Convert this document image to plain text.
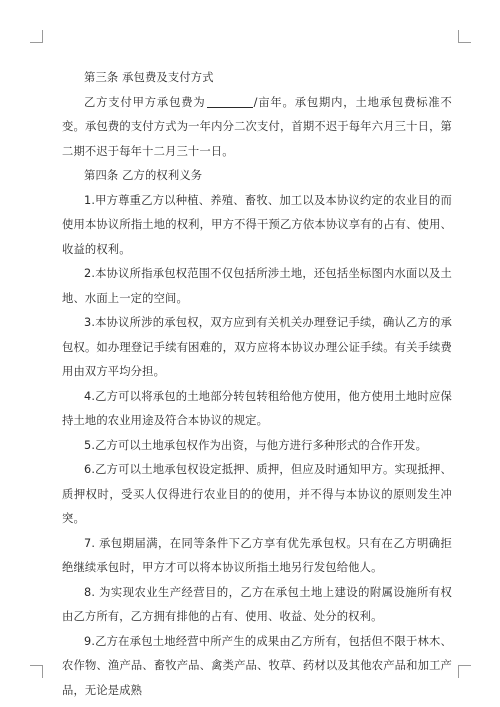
第三条 承包费及支付方式

乙方支付甲方承包费为	/亩年。承包期内，土地承包费标准不变。承包费的支付方式为一年内分二次支付，首期不迟于每年六月三十日，第二期不迟于每年十二月三十一日。

第四条 乙方的权利义务

1.甲方尊重乙方以种植、养殖、畜牧、加工以及本协议约定的农业目的而使用本协议所指土地的权利，甲方不得干预乙方依本协议享有的占有、使用、收益的权利。

2.本协议所指承包权范围不仅包括所涉土地，还包括坐标图内水面以及土地、水面上一定的空间。

3.本协议所涉的承包权，双方应到有关机关办理登记手续，确认乙方的承包权。如办理登记手续有困难的，双方应将本协议办理公证手续。有关手续费用由双方平均分担。

4.乙方可以将承包的土地部分转包转租给他方使用，他方使用土地时应保持土地的农业用途及符合本协议的规定。

5.乙方可以土地承包权作为出资，与他方进行多种形式的合作开发。

6.乙方可以土地承包权设定抵押、质押，但应及时通知甲方。实现抵押、质押权时，受买人仅得进行农业目的的使用，并不得与本协议的原则发生冲突。

7. 承包期届满，在同等条件下乙方享有优先承包权。只有在乙方明确拒绝继续承包时，甲方才可以将本协议所指土地另行发包给他人。

8. 为实现农业生产经营目的，乙方在承包土地上建设的附属设施所有权由乙方所有，乙方拥有排他的占有、使用、收益、处分的权利。

9.乙方在承包土地经营中所产生的成果由乙方所有，包括但不限于林木、农作物、渔产品、畜牧产品、禽类产品、牧草、药材以及其他农产品和加工产品，无论是成熟
